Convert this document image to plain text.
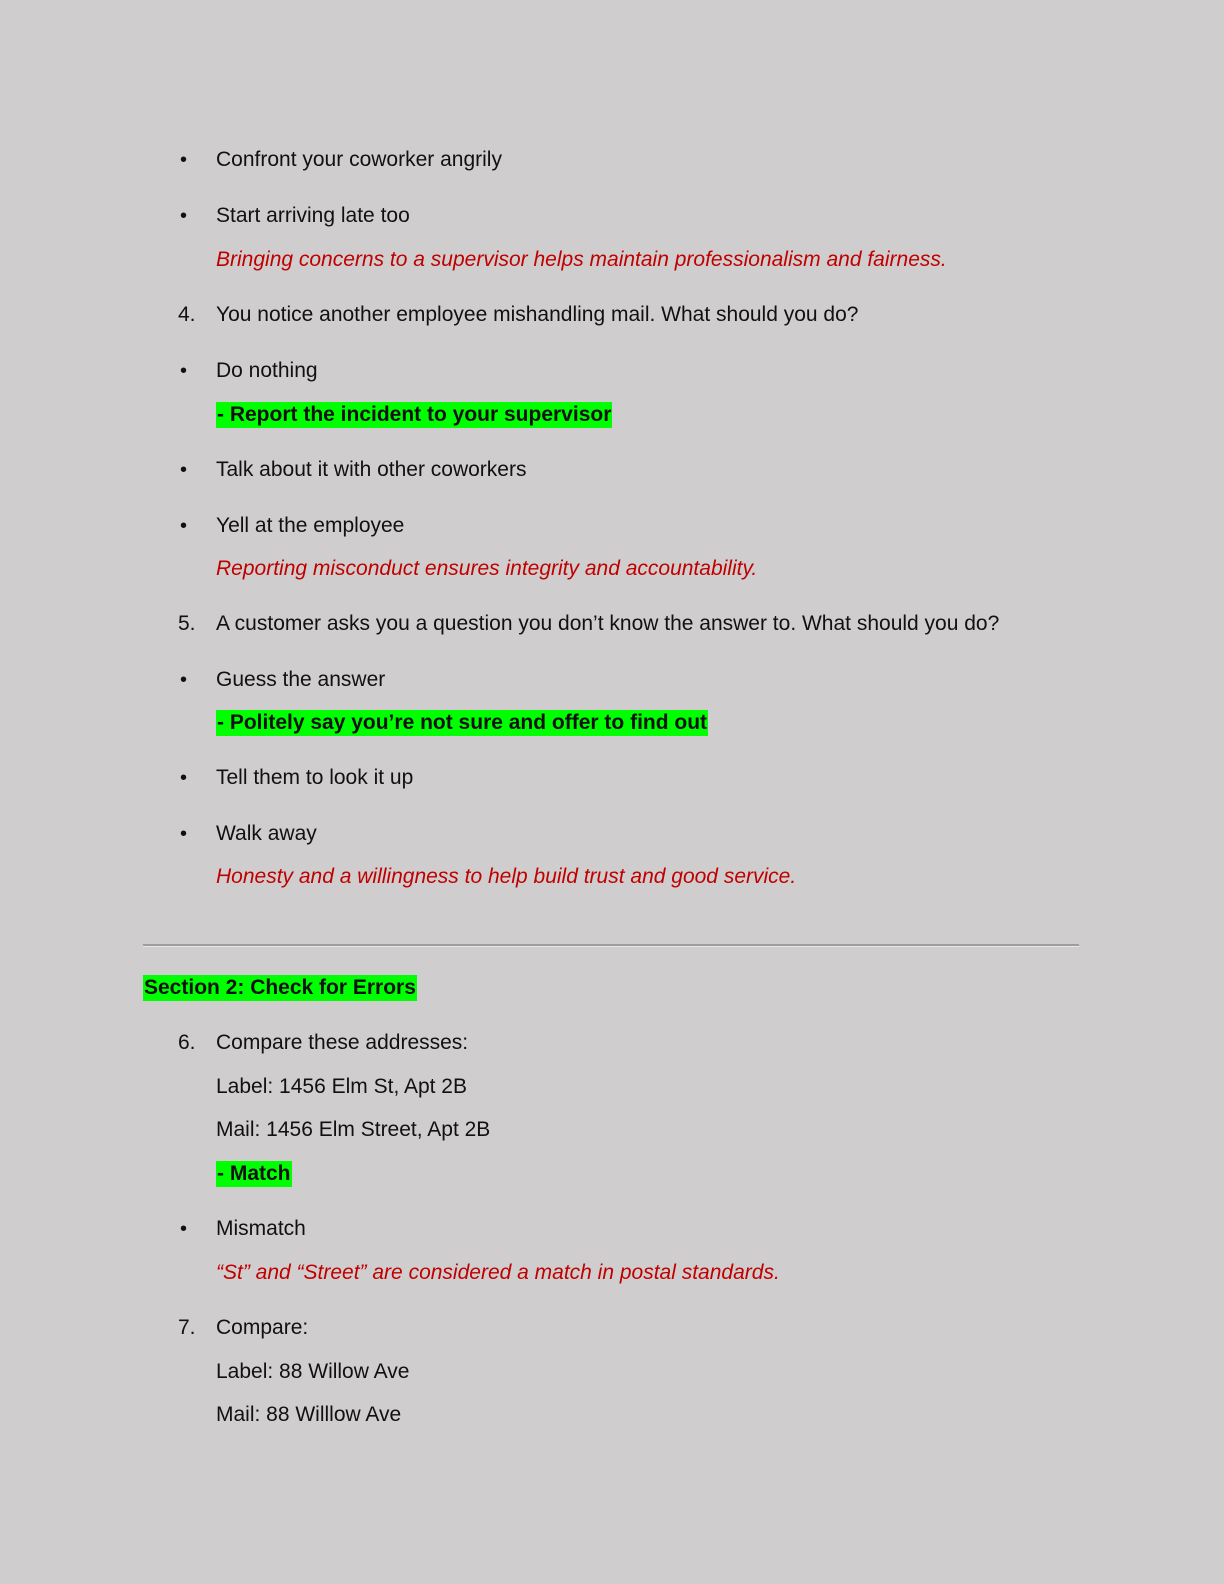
• Confront your coworker angrily
• Start arriving late too
Bringing concerns to a supervisor helps maintain professionalism and fairness.
4. You notice another employee mishandling mail. What should you do?
• Do nothing
- Report the incident to your supervisor
• Talk about it with other coworkers
• Yell at the employee
Reporting misconduct ensures integrity and accountability.
5. A customer asks you a question you don’t know the answer to. What should you do?
• Guess the answer
- Politely say you’re not sure and offer to find out
• Tell them to look it up
• Walk away
Honesty and a willingness to help build trust and good service.
Section 2: Check for Errors
6. Compare these addresses:
Label: 1456 Elm St, Apt 2B
Mail: 1456 Elm Street, Apt 2B
- Match
• Mismatch
“St” and “Street” are considered a match in postal standards.
7. Compare:
Label: 88 Willow Ave
Mail: 88 Willlow Ave
